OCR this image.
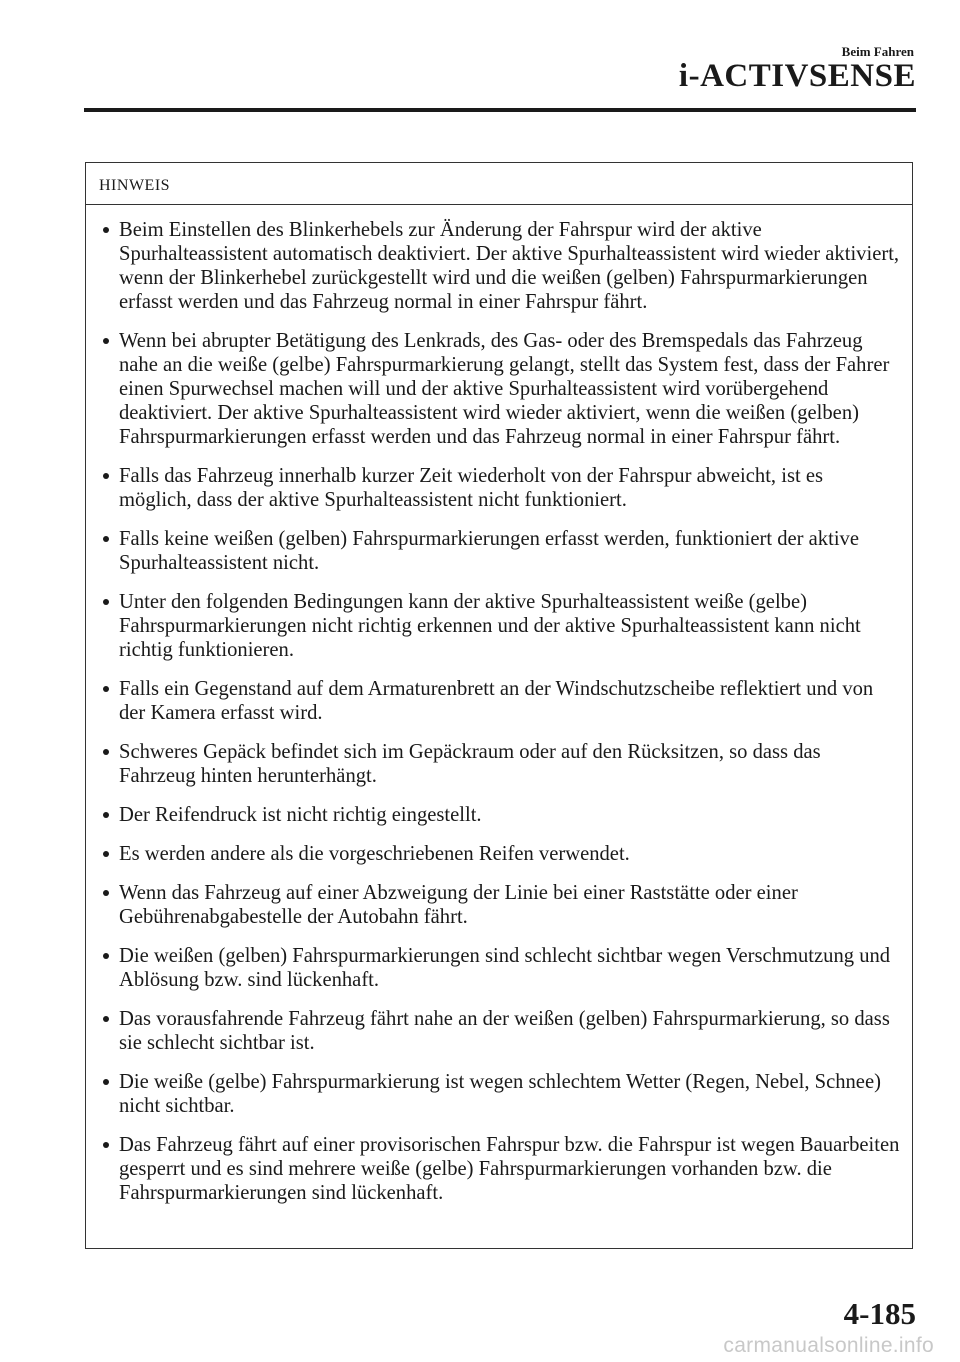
Beim Fahren
i-ACTIVSENSE
HINWEIS
Beim Einstellen des Blinkerhebels zur Änderung der Fahrspur wird der aktive Spurhalteassistent automatisch deaktiviert. Der aktive Spurhalteassistent wird wieder aktiviert, wenn der Blinkerhebel zurückgestellt wird und die weißen (gelben) Fahrspurmarkierungen erfasst werden und das Fahrzeug normal in einer Fahrspur fährt.
Wenn bei abrupter Betätigung des Lenkrads, des Gas- oder des Bremspedals das Fahrzeug nahe an die weiße (gelbe) Fahrspurmarkierung gelangt, stellt das System fest, dass der Fahrer einen Spurwechsel machen will und der aktive Spurhalteassistent wird vorübergehend deaktiviert. Der aktive Spurhalteassistent wird wieder aktiviert, wenn die weißen (gelben) Fahrspurmarkierungen erfasst werden und das Fahrzeug normal in einer Fahrspur fährt.
Falls das Fahrzeug innerhalb kurzer Zeit wiederholt von der Fahrspur abweicht, ist es möglich, dass der aktive Spurhalteassistent nicht funktioniert.
Falls keine weißen (gelben) Fahrspurmarkierungen erfasst werden, funktioniert der aktive Spurhalteassistent nicht.
Unter den folgenden Bedingungen kann der aktive Spurhalteassistent weiße (gelbe) Fahrspurmarkierungen nicht richtig erkennen und der aktive Spurhalteassistent kann nicht richtig funktionieren.
Falls ein Gegenstand auf dem Armaturenbrett an der Windschutzscheibe reflektiert und von der Kamera erfasst wird.
Schweres Gepäck befindet sich im Gepäckraum oder auf den Rücksitzen, so dass das Fahrzeug hinten herunterhängt.
Der Reifendruck ist nicht richtig eingestellt.
Es werden andere als die vorgeschriebenen Reifen verwendet.
Wenn das Fahrzeug auf einer Abzweigung der Linie bei einer Raststätte oder einer Gebührenabgabestelle der Autobahn fährt.
Die weißen (gelben) Fahrspurmarkierungen sind schlecht sichtbar wegen Verschmutzung und Ablösung bzw. sind lückenhaft.
Das vorausfahrende Fahrzeug fährt nahe an der weißen (gelben) Fahrspurmarkierung, so dass sie schlecht sichtbar ist.
Die weiße (gelbe) Fahrspurmarkierung ist wegen schlechtem Wetter (Regen, Nebel, Schnee) nicht sichtbar.
Das Fahrzeug fährt auf einer provisorischen Fahrspur bzw. die Fahrspur ist wegen Bauarbeiten gesperrt und es sind mehrere weiße (gelbe) Fahrspurmarkierungen vorhanden bzw. die Fahrspurmarkierungen sind lückenhaft.
4-185
carmanualsonline.info
